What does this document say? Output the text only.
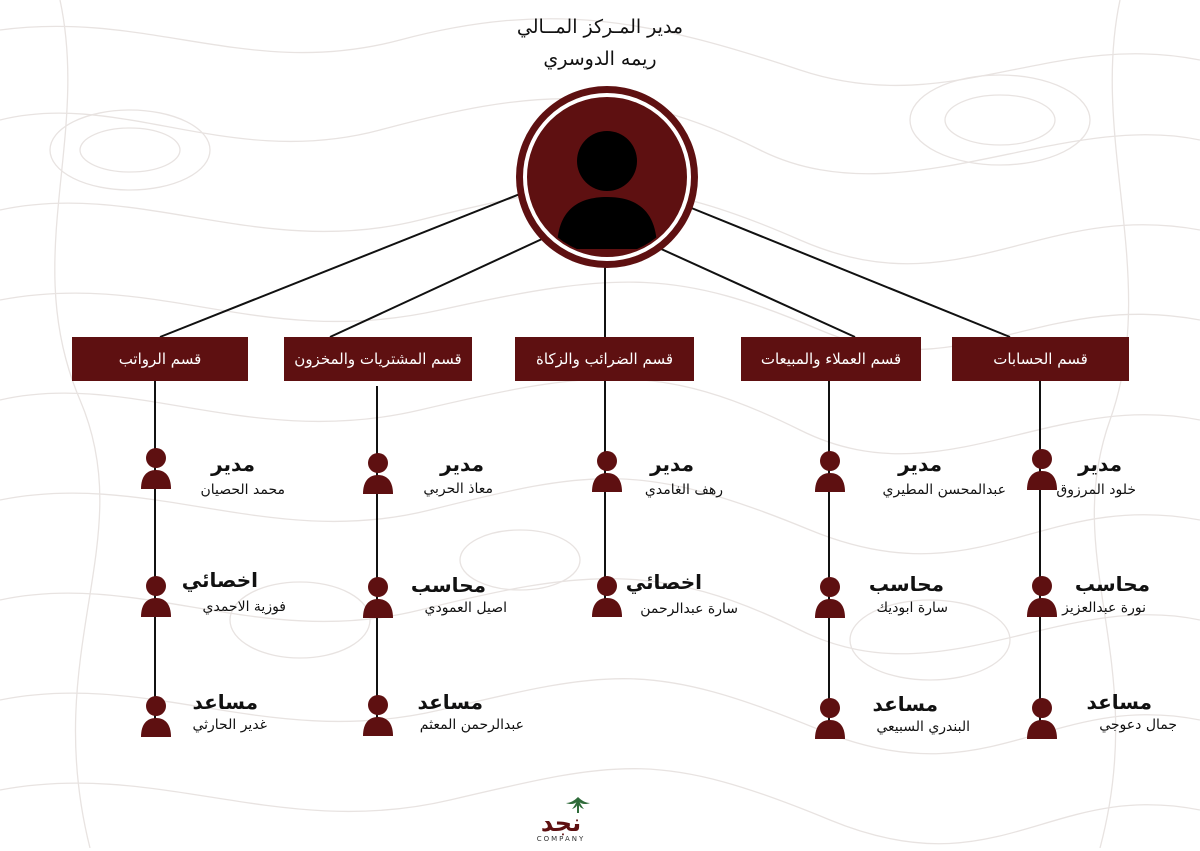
مدير المـركز المــالي
ريمه الدوسري
قسم الرواتب	قسم المشتريات والمخزون	قسم الضرائب والزكاة	قسم العملاء والمبيعات	قسم الحسابات
مدير
محمد الحصيان
اخصائي
فوزية الاحمدي
مساعد
غدير الحارثي
مدير
معاذ الحربي
محاسب
اصيل العمودي
مساعد
عبدالرحمن المعثم
مدير
رهف الغامدي
اخصائي
سارة عبدالرحمن
مدير
عبدالمحسن المطيري
محاسب
سارة ابوديك
مساعد
البندري السبيعي
مدير
خلود المرزوق
محاسب
نورة عبدالعزيز
مساعد
جمال دعوجي
نجد
COMPANY
